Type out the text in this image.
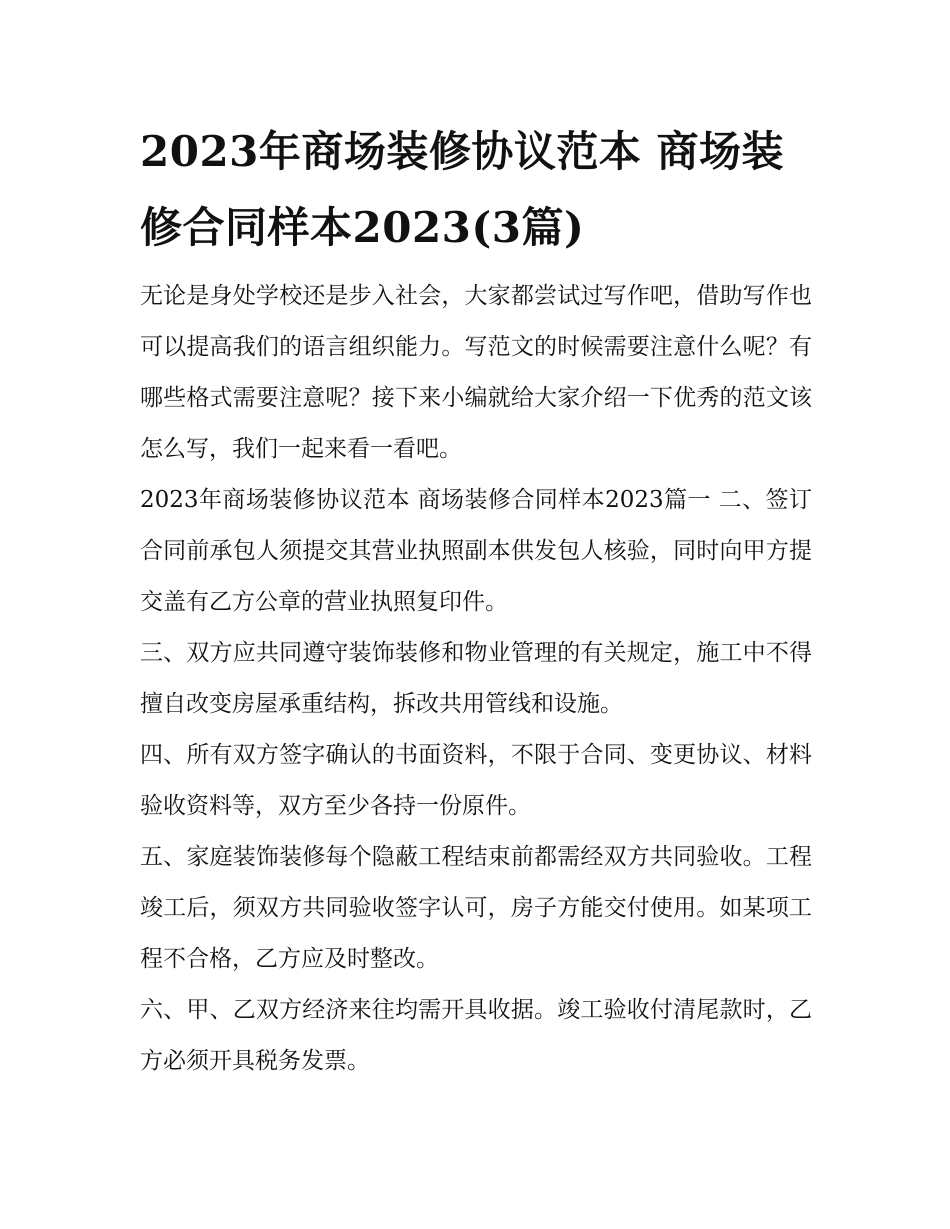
2023年商场装修协议范本 商场装修合同样本2023(3篇)

无论是身处学校还是步入社会，大家都尝试过写作吧，借助写作也可以提高我们的语言组织能力。写范文的时候需要注意什么呢？有哪些格式需要注意呢？接下来小编就给大家介绍一下优秀的范文该怎么写，我们一起来看一看吧。

2023年商场装修协议范本 商场装修合同样本2023篇一 二、签订合同前承包人须提交其营业执照副本供发包人核验，同时向甲方提交盖有乙方公章的营业执照复印件。

三、双方应共同遵守装饰装修和物业管理的有关规定，施工中不得擅自改变房屋承重结构，拆改共用管线和设施。

四、所有双方签字确认的书面资料，不限于合同、变更协议、材料验收资料等，双方至少各持一份原件。

五、家庭装饰装修每个隐蔽工程结束前都需经双方共同验收。工程竣工后，须双方共同验收签字认可，房子方能交付使用。如某项工程不合格，乙方应及时整改。

六、甲、乙双方经济来往均需开具收据。竣工验收付清尾款时，乙方必须开具税务发票。
